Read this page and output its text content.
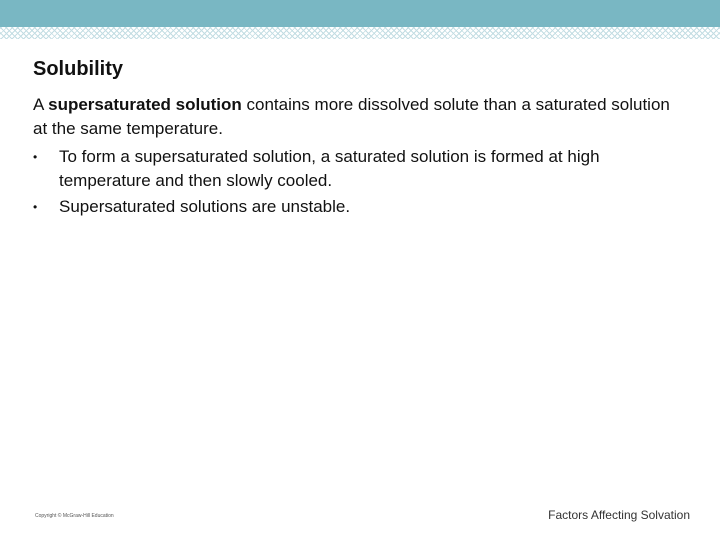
Solubility
A supersaturated solution contains more dissolved solute than a saturated solution at the same temperature.
• To form a supersaturated solution, a saturated solution is formed at high temperature and then slowly cooled.
• Supersaturated solutions are unstable.
Copyright © McGraw-Hill Education	Factors Affecting Solvation
